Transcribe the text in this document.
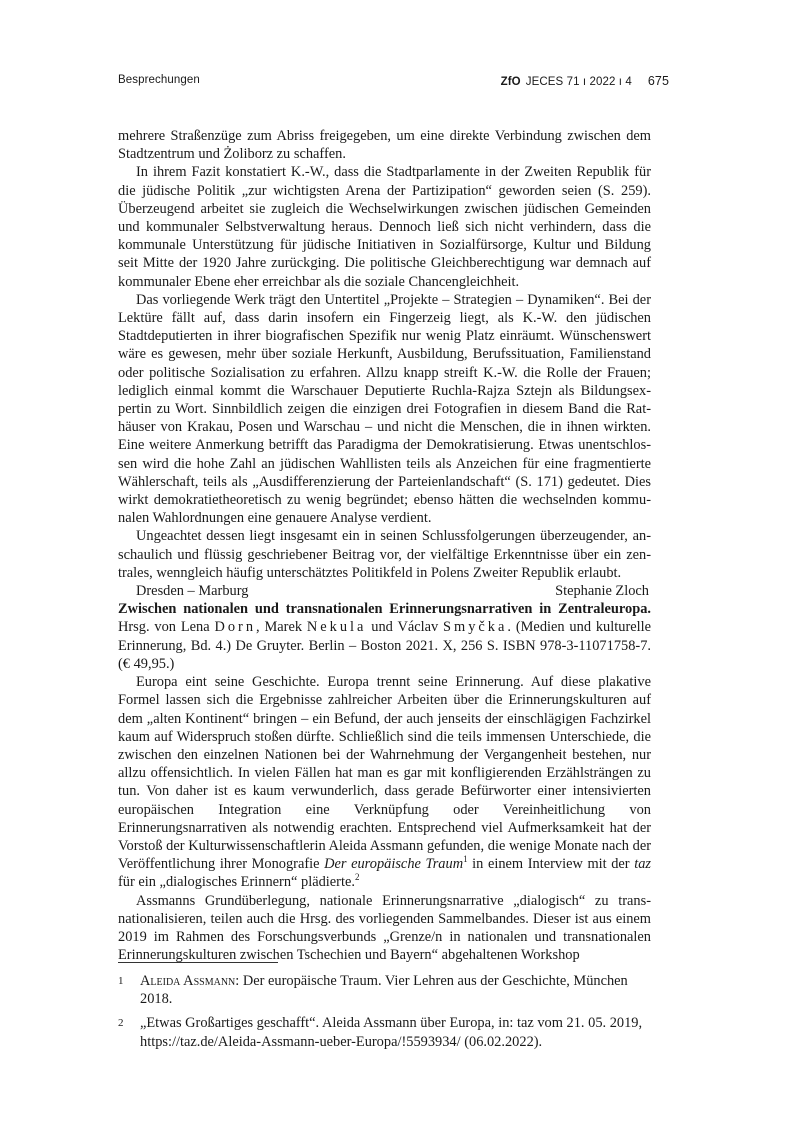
Besprechungen	ZfO JECES 71 ı 2022 ı 4 675

mehrere Straßenzüge zum Abriss freigegeben, um eine direkte Verbindung zwischen dem Stadtzentrum und Żoliborz zu schaffen.

In ihrem Fazit konstatiert K.-W., dass die Stadtparlamente in der Zweiten Republik für die jüdische Politik „zur wichtigsten Arena der Partizipation“ geworden seien (S. 259). Überzeugend arbeitet sie zugleich die Wechselwirkungen zwischen jüdischen Gemeinden und kommunaler Selbstverwaltung heraus. Dennoch ließ sich nicht verhindern, dass die kommunale Unterstützung für jüdische Initiativen in Sozialfürsorge, Kultur und Bildung seit Mitte der 1920 Jahre zurückging. Die politische Gleichberechtigung war demnach auf kommunaler Ebene eher erreichbar als die soziale Chancengleichheit.

Das vorliegende Werk trägt den Untertitel „Projekte – Strategien – Dynamiken“. Bei der Lektüre fällt auf, dass darin insofern ein Fingerzeig liegt, als K.-W. den jüdischen Stadtdeputierten in ihrer biografischen Spezifik nur wenig Platz einräumt. Wünschenswert wäre es gewesen, mehr über soziale Herkunft, Ausbildung, Berufssituation, Familienstand oder politische Sozialisation zu erfahren. Allzu knapp streift K.-W. die Rolle der Frauen; lediglich einmal kommt die Warschauer Deputierte Ruchla-Rajza Sztejn als Bildungsexpertin zu Wort. Sinnbildlich zeigen die einzigen drei Fotografien in diesem Band die Rathäuser von Krakau, Posen und Warschau – und nicht die Menschen, die in ihnen wirkten. Eine weitere Anmerkung betrifft das Paradigma der Demokratisierung. Etwas unentschlossen wird die hohe Zahl an jüdischen Wahllisten teils als Anzeichen für eine fragmentierte Wählerschaft, teils als „Ausdifferenzierung der Parteienlandschaft“ (S. 171) gedeutet. Dies wirkt demokratietheoretisch zu wenig begründet; ebenso hätten die wechselnden kommunalen Wahlordnungen eine genauere Analyse verdient.

Ungeachtet dessen liegt insgesamt ein in seinen Schlussfolgerungen überzeugender, anschaulich und flüssig geschriebener Beitrag vor, der vielfältige Erkenntnisse über ein zentrales, wenngleich häufig unterschätztes Politikfeld in Polens Zweiter Republik erlaubt.

Dresden – Marburg	Stephanie Zloch

Zwischen nationalen und transnationalen Erinnerungsnarrativen in Zentraleuropa. Hrsg. von Lena Dorn, Marek Nekula und Václav Smyčka. (Medien und kulturelle Erinnerung, Bd. 4.) De Gruyter. Berlin – Boston 2021. X, 256 S. ISBN 978-3-11071758-7. (€ 49,95.)

Europa eint seine Geschichte. Europa trennt seine Erinnerung. Auf diese plakative Formel lassen sich die Ergebnisse zahlreicher Arbeiten über die Erinnerungskulturen auf dem „alten Kontinent“ bringen – ein Befund, der auch jenseits der einschlägigen Fachzirkel kaum auf Widerspruch stoßen dürfte. Schließlich sind die teils immensen Unterschiede, die zwischen den einzelnen Nationen bei der Wahrnehmung der Vergangenheit bestehen, nur allzu offensichtlich. In vielen Fällen hat man es gar mit konfligierenden Erzählsträngen zu tun. Von daher ist es kaum verwunderlich, dass gerade Befürworter einer intensivierten europäischen Integration eine Verknüpfung oder Vereinheitlichung von Erinnerungsnarrativen als notwendig erachten. Entsprechend viel Aufmerksamkeit hat der Vorstoß der Kulturwissenschaftlerin Aleida Assmann gefunden, die wenige Monate nach der Veröffentlichung ihrer Monografie Der europäische Traum$^1$ in einem Interview mit der taz für ein „dialogisches Erinnern“ plädierte.$^2$

Assmanns Grundüberlegung, nationale Erinnerungsnarrative „dialogisch“ zu transnationalisieren, teilen auch die Hrsg. des vorliegenden Sammelbandes. Dieser ist aus einem 2019 im Rahmen des Forschungsverbunds „Grenze/n in nationalen und transnationalen Erinnerungskulturen zwischen Tschechien und Bayern“ abgehaltenen Workshop

1 Aleida Assmann: Der europäische Traum. Vier Lehren aus der Geschichte, München 2018.
2 „Etwas Großartiges geschafft“. Aleida Assmann über Europa, in: taz vom 21. 05. 2019, https://taz.de/Aleida-Assmann-ueber-Europa/!5593934/ (06.02.2022).
